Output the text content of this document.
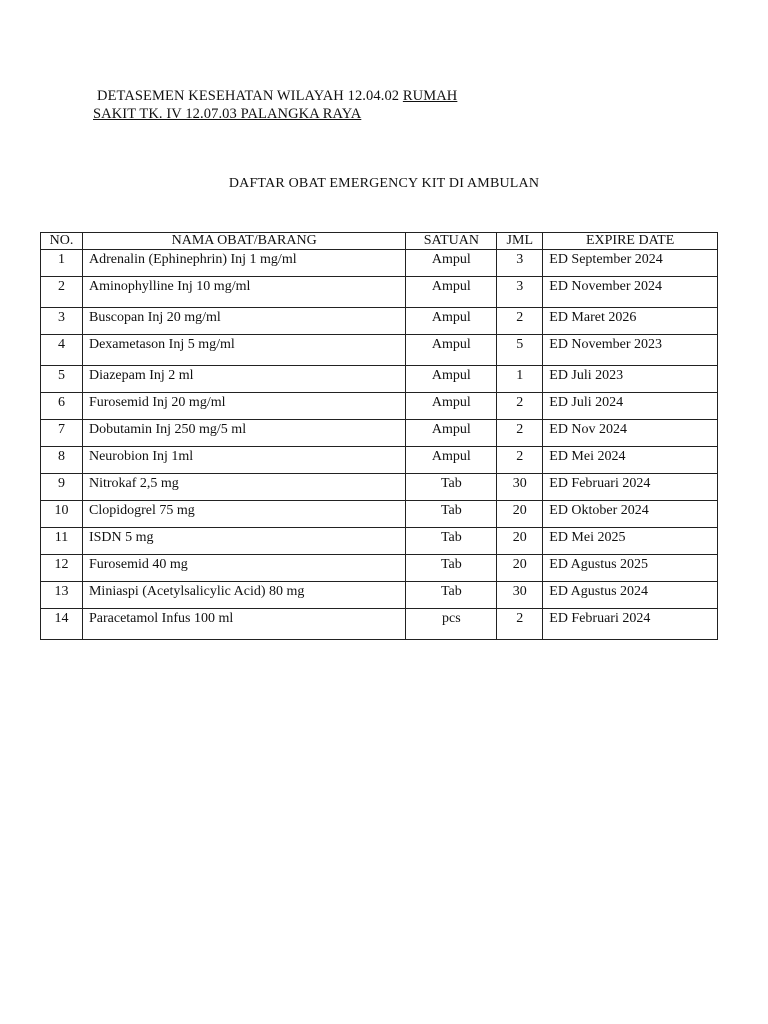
DETASEMEN KESEHATAN WILAYAH 12.04.02 RUMAH
SAKIT TK. IV 12.07.03 PALANGKA RAYA
DAFTAR OBAT EMERGENCY KIT DI AMBULAN
NO.	NAMA OBAT/BARANG	SATUAN	JML	EXPIRE DATE
1	Adrenalin (Ephinephrin) Inj 1 mg/ml	Ampul	3	ED September 2024
2	Aminophylline Inj 10 mg/ml	Ampul	3	ED November 2024
3	Buscopan Inj 20 mg/ml	Ampul	2	ED Maret 2026
4	Dexametason Inj 5 mg/ml	Ampul	5	ED November 2023
5	Diazepam Inj 2 ml	Ampul	1	ED Juli 2023
6	Furosemid Inj 20 mg/ml	Ampul	2	ED Juli 2024
7	Dobutamin Inj 250 mg/5 ml	Ampul	2	ED Nov 2024
8	Neurobion Inj 1ml	Ampul	2	ED Mei 2024
9	Nitrokaf 2,5 mg	Tab	30	ED Februari 2024
10	Clopidogrel 75 mg	Tab	20	ED Oktober 2024
11	ISDN 5 mg	Tab	20	ED Mei 2025
12	Furosemid 40 mg	Tab	20	ED Agustus 2025
13	Miniaspi (Acetylsalicylic Acid) 80 mg	Tab	30	ED Agustus 2024
14	Paracetamol Infus 100 ml	pcs	2	ED Februari 2024
